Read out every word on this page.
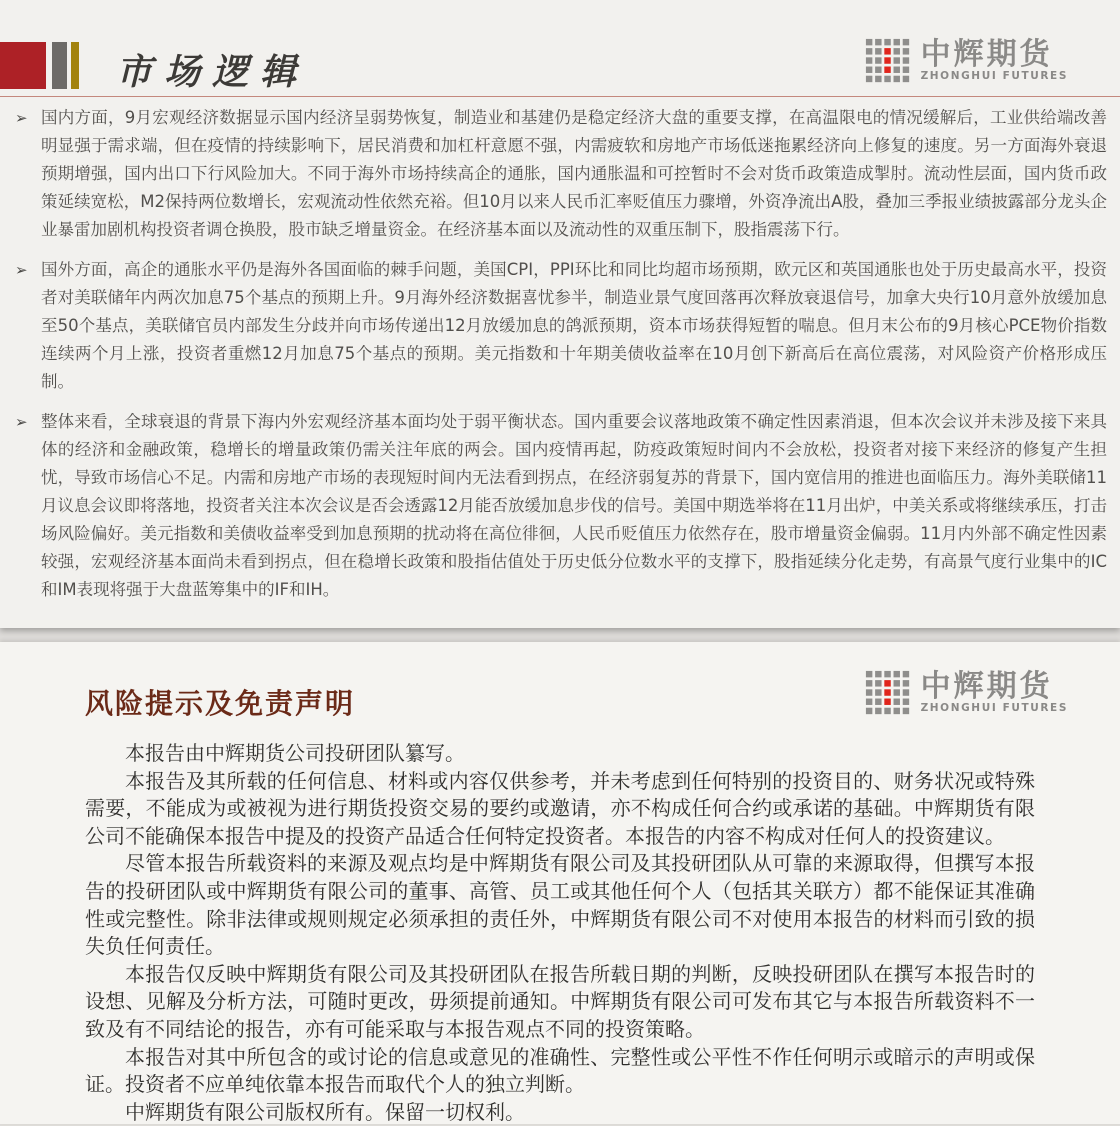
市场逻辑	中辉期货
ZHONGHUI FUTURES
➢ 国内方面，9月宏观经济数据显示国内经济呈弱势恢复，制造业和基建仍是稳定经济大盘的重要支撑，在高温限电的情况缓解后，工业供给端改善明显强于需求端，但在疫情的持续影响下，居民消费和加杠杆意愿不强，内需疲软和房地产市场低迷拖累经济向上修复的速度。另一方面海外衰退预期增强，国内出口下行风险加大。不同于海外市场持续高企的通胀，国内通胀温和可控暂时不会对货币政策造成掣肘。流动性层面，国内货币政策延续宽松，M2保持两位数增长，宏观流动性依然充裕。但10月以来人民币汇率贬值压力骤增，外资净流出A股，叠加三季报业绩披露部分龙头企业暴雷加剧机构投资者调仓换股，股市缺乏增量资金。在经济基本面以及流动性的双重压制下，股指震荡下行。

➢ 国外方面，高企的通胀水平仍是海外各国面临的棘手问题，美国CPI，PPI环比和同比均超市场预期，欧元区和英国通胀也处于历史最高水平，投资者对美联储年内两次加息75个基点的预期上升。9月海外经济数据喜忧参半，制造业景气度回落再次释放衰退信号，加拿大央行10月意外放缓加息至50个基点，美联储官员内部发生分歧并向市场传递出12月放缓加息的鸽派预期，资本市场获得短暂的喘息。但月末公布的9月核心PCE物价指数连续两个月上涨，投资者重燃12月加息75个基点的预期。美元指数和十年期美债收益率在10月创下新高后在高位震荡，对风险资产价格形成压制。

➢ 整体来看，全球衰退的背景下海内外宏观经济基本面均处于弱平衡状态。国内重要会议落地政策不确定性因素消退，但本次会议并未涉及接下来具体的经济和金融政策，稳增长的增量政策仍需关注年底的两会。国内疫情再起，防疫政策短时间内不会放松，投资者对接下来经济的修复产生担忧，导致市场信心不足。内需和房地产市场的表现短时间内无法看到拐点，在经济弱复苏的背景下，国内宽信用的推进也面临压力。海外美联储11月议息会议即将落地，投资者关注本次会议是否会透露12月能否放缓加息步伐的信号。美国中期选举将在11月出炉，中美关系或将继续承压，打击场风险偏好。美元指数和美债收益率受到加息预期的扰动将在高位徘徊，人民币贬值压力依然存在，股市增量资金偏弱。11月内外部不确定性因素较强，宏观经济基本面尚未看到拐点，但在稳增长政策和股指估值处于历史低分位数水平的支撑下，股指延续分化走势，有高景气度行业集中的IC和IM表现将强于大盘蓝筹集中的IF和IH。

风险提示及免责声明	中辉期货
ZHONGHUI FUTURES

本报告由中辉期货公司投研团队纂写。

本报告及其所载的任何信息、材料或内容仅供参考，并未考虑到任何特别的投资目的、财务状况或特殊需要，不能成为或被视为进行期货投资交易的要约或邀请，亦不构成任何合约或承诺的基础。中辉期货有限公司不能确保本报告中提及的投资产品适合任何特定投资者。本报告的内容不构成对任何人的投资建议。

尽管本报告所载资料的来源及观点均是中辉期货有限公司及其投研团队从可靠的来源取得，但撰写本报告的投研团队或中辉期货有限公司的董事、高管、员工或其他任何个人（包括其关联方）都不能保证其准确性或完整性。除非法律或规则规定必须承担的责任外，中辉期货有限公司不对使用本报告的材料而引致的损失负任何责任。

本报告仅反映中辉期货有限公司及其投研团队在报告所载日期的判断，反映投研团队在撰写本报告时的设想、见解及分析方法，可随时更改，毋须提前通知。中辉期货有限公司可发布其它与本报告所载资料不一致及有不同结论的报告，亦有可能采取与本报告观点不同的投资策略。

本报告对其中所包含的或讨论的信息或意见的准确性、完整性或公平性不作任何明示或暗示的声明或保证。投资者不应单纯依靠本报告而取代个人的独立判断。

中辉期货有限公司版权所有。保留一切权利。
